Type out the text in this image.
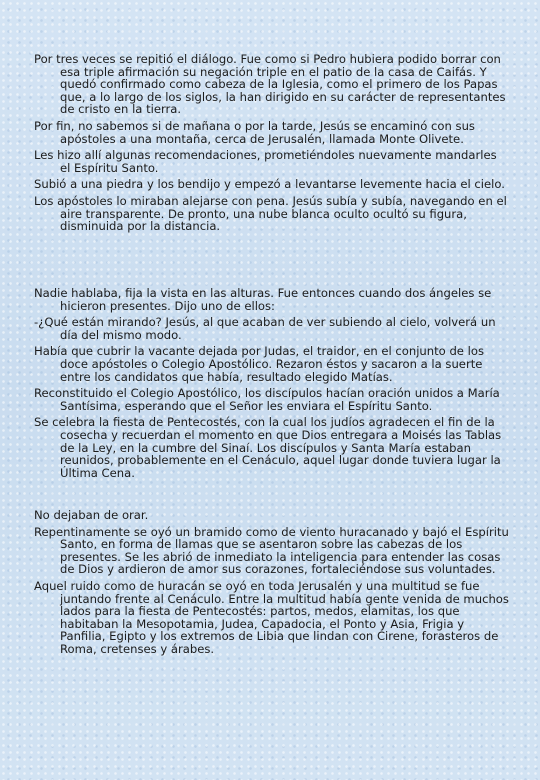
Por tres veces se repitió el diálogo. Fue como si Pedro hubiera podido borrar con esa triple afirmación su negación triple en el patio de la casa de Caifás. Y quedó confirmado como cabeza de la Iglesia, como el primero de los Papas que, a lo largo de los siglos, la han dirigido en su carácter de representantes de cristo en la tierra.

Por fin, no sabemos si de mañana o por la tarde, Jesús se encaminó con sus apóstoles a una montaña, cerca de Jerusalén, llamada Monte Olivete.

Les hizo allí algunas recomendaciones, prometiéndoles nuevamente mandarles el Espíritu Santo.

Subió a una piedra y los bendijo y empezó a levantarse levemente hacia el cielo.

Los apóstoles lo miraban alejarse con pena. Jesús subía y subía, navegando en el aire transparente. De pronto, una nube blanca oculto ocultó su figura, disminuida por la distancia.

Nadie hablaba, fija la vista en las alturas. Fue entonces cuando dos ángeles se hicieron presentes. Dijo uno de ellos:

-¿Qué están mirando? Jesús, al que acaban de ver subiendo al cielo, volverá un día del mismo modo.

Había que cubrir la vacante dejada por Judas, el traidor, en el conjunto de los doce apóstoles o Colegio Apostólico. Rezaron éstos y sacaron a la suerte entre los candidatos que había, resultado elegido Matías.

Reconstituido el Colegio Apostólico, los discípulos hacían oración unidos a María Santísima, esperando que el Señor les enviara el Espíritu Santo.

Se celebra la fiesta de Pentecostés, con la cual los judíos agradecen el fin de la cosecha y recuerdan el momento en que Dios entregara a Moisés las Tablas de la Ley, en la cumbre del Sinaí. Los discípulos y Santa María estaban reunidos, probablemente en el Cenáculo, aquel lugar donde tuviera lugar la Última Cena.

No dejaban de orar.

Repentinamente se oyó un bramido como de viento huracanado y bajó el Espíritu Santo, en forma de llamas que se asentaron sobre las cabezas de los presentes. Se les abrió de inmediato la inteligencia para entender las cosas de Dios y ardieron de amor sus corazones, fortaleciéndose sus voluntades.

Aquel ruido como de huracán se oyó en toda Jerusalén y una multitud se fue juntando frente al Cenáculo. Entre la multitud había gente venida de muchos lados para la fiesta de Pentecostés: partos, medos, elamitas, los que habitaban la Mesopotamia, Judea, Capadocia, el Ponto y Asia, Frigia y Panfilia, Egipto y los extremos de Libia que lindan con Cirene, forasteros de Roma, cretenses y árabes.
